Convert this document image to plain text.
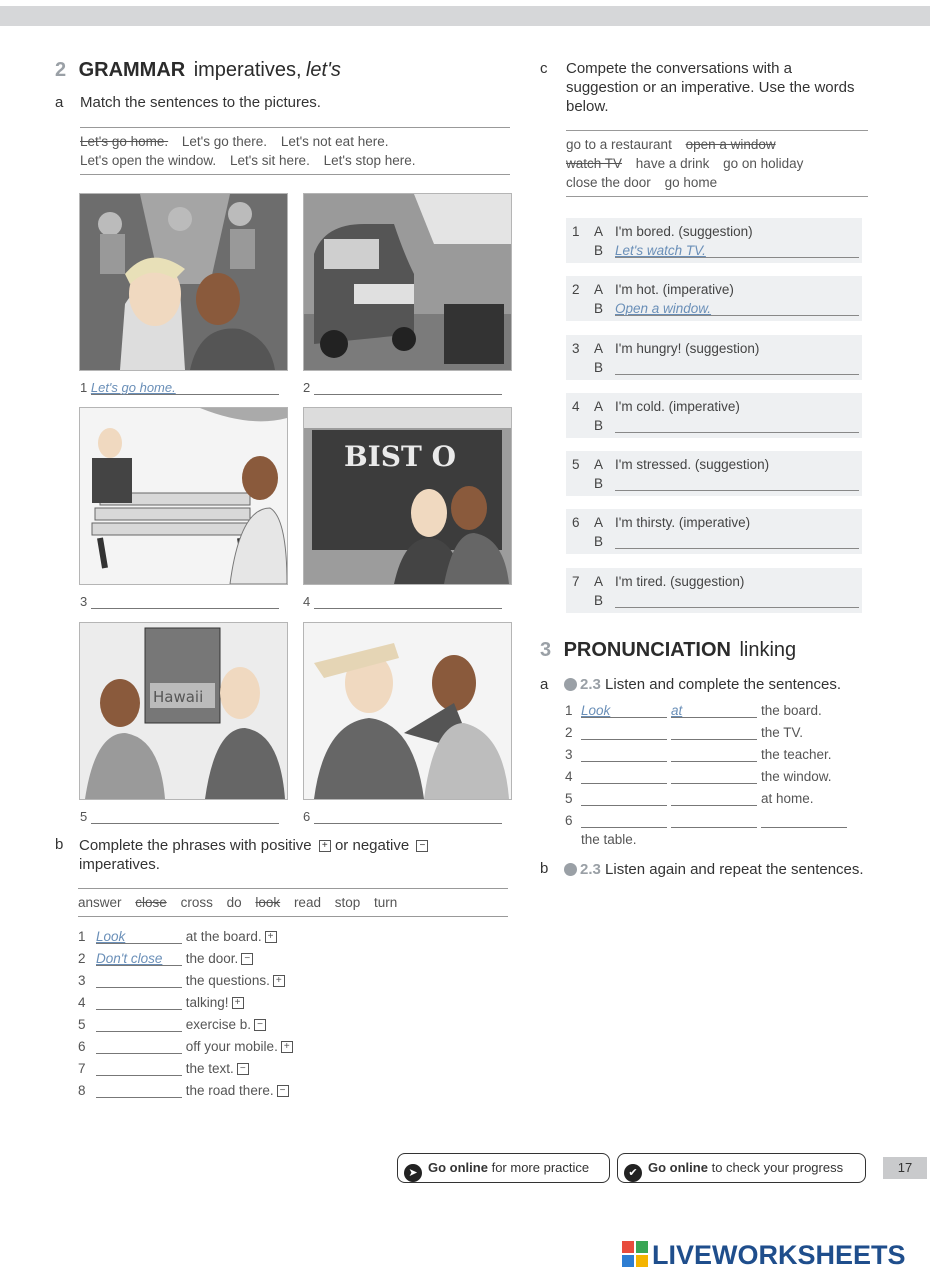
2 GRAMMAR imperatives, let's
a Match the sentences to the pictures.
Let's go home. Let's go there. Let's not eat here.
Let's open the window. Let's sit here. Let's stop here.
1 Let's go home.	2
BIST O
3	4
Hawaii
5	6
b Complete the phrases with positive + or negative −
imperatives.
answer close cross do look read stop turn
1 Look	at the board. +
2 Don't close the door. −
3	the questions. +
4	talking! +
5	exercise b. −
6	off your mobile. +
7	the text. −
8	the road there. −
c Compete the conversations with a suggestion or an imperative. Use the words below.
go to a restaurant open a window
watch TV have a drink go on holiday
close the door go home
1 A I'm bored. (suggestion)
B Let's watch TV.
2 A I'm hot. (imperative)
B Open a window.
3 A I'm hungry! (suggestion)
B
4 A I'm cold. (imperative)
B
5 A I'm stressed. (suggestion)
B
6 A I'm thirsty. (imperative)
B
7 A I'm tired. (suggestion)
B
3 PRONUNCIATION linking
a	2.3 Listen and complete the sentences.
1 Look	at	the board.
2	the TV.
3	the teacher.
4	the window.
5	at home.
6
the table.
b	2.3 Listen again and repeat the sentences.
➤ Go online for more practice	✔ Go online to check your progress	17
LIVEWORKSHEETS
